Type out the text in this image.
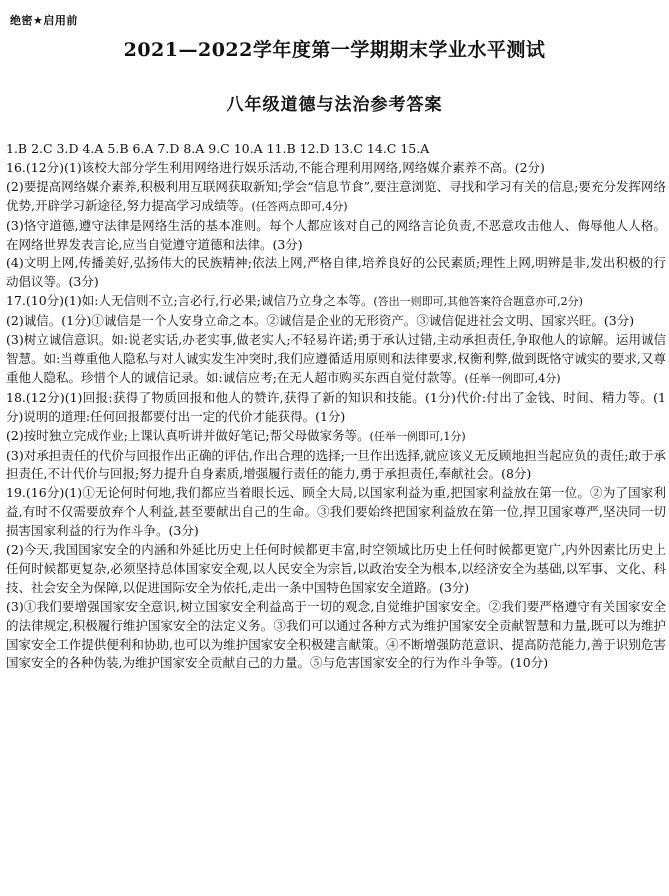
绝密★启用前
2021—2022学年度第一学期期末学业水平测试
八年级道德与法治参考答案

1.B 2.C 3.D 4.A 5.B 6.A 7.D 8.A 9.C 10.A 11.B 12.D 13.C 14.C 15.A

16.(12分)(1)该校大部分学生利用网络进行娱乐活动,不能合理利用网络,网络媒介素养不高。(2分)

(2)要提高网络媒介素养,积极利用互联网获取新知;学会“信息节食”,要注意浏览、寻找和学习有关的信息;要充分发挥网络优势,开辟学习新途径,努力提高学习成绩等。(任答两点即可,4分)

(3)恪守道德,遵守法律是网络生活的基本准则。每个人都应该对自己的网络言论负责,不恶意攻击他人、侮辱他人人格。在网络世界发表言论,应当自觉遵守道德和法律。(3分)

(4)文明上网,传播美好,弘扬伟大的民族精神;依法上网,严格自律,培养良好的公民素质;理性上网,明辨是非,发出积极的行动倡议等。(3分)

17.(10分)(1)如:人无信则不立;言必行,行必果;诚信乃立身之本等。(答出一则即可,其他答案符合题意亦可,2分)

(2)诚信。(1分)①诚信是一个人安身立命之本。②诚信是企业的无形资产。③诚信促进社会文明、国家兴旺。(3分)

(3)树立诚信意识。如:说老实话,办老实事,做老实人;不轻易许诺;勇于承认过错,主动承担责任,争取他人的谅解。运用诚信智慧。如:当尊重他人隐私与对人诚实发生冲突时,我们应遵循适用原则和法律要求,权衡利弊,做到既恪守诚实的要求,又尊重他人隐私。珍惜个人的诚信记录。如:诚信应考;在无人超市购买东西自觉付款等。(任举一例即可,4分)

18.(12分)(1)回报:获得了物质回报和他人的赞许,获得了新的知识和技能。(1分)代价:付出了金钱、时间、精力等。(1分)说明的道理:任何回报都要付出一定的代价才能获得。(1分)

(2)按时独立完成作业;上课认真听讲并做好笔记;帮父母做家务等。(任举一例即可,1分)

(3)对承担责任的代价与回报作出正确的评估,作出合理的选择;一旦作出选择,就应该义无反顾地担当起应负的责任;敢于承担责任,不计代价与回报;努力提升自身素质,增强履行责任的能力,勇于承担责任,奉献社会。(8分)

19.(16分)(1)①无论何时何地,我们都应当着眼长远、顾全大局,以国家利益为重,把国家利益放在第一位。②为了国家利益,有时不仅需要放弃个人利益,甚至要献出自己的生命。③我们要始终把国家利益放在第一位,捍卫国家尊严,坚决同一切损害国家利益的行为作斗争。(3分)

(2)今天,我国国家安全的内涵和外延比历史上任何时候都更丰富,时空领域比历史上任何时候都更宽广,内外因素比历史上任何时候都更复杂,必须坚持总体国家安全观,以人民安全为宗旨,以政治安全为根本,以经济安全为基础,以军事、文化、科技、社会安全为保障,以促进国际安全为依托,走出一条中国特色国家安全道路。(3分)

(3)①我们要增强国家安全意识,树立国家安全利益高于一切的观念,自觉维护国家安全。②我们要严格遵守有关国家安全的法律规定,积极履行维护国家安全的法定义务。③我们可以通过各种方式为维护国家安全贡献智慧和力量,既可以为维护国家安全工作提供便利和协助,也可以为维护国家安全积极建言献策。④不断增强防范意识、提高防范能力,善于识别危害国家安全的各种伪装,为维护国家安全贡献自己的力量。⑤与危害国家安全的行为作斗争等。(10分)
